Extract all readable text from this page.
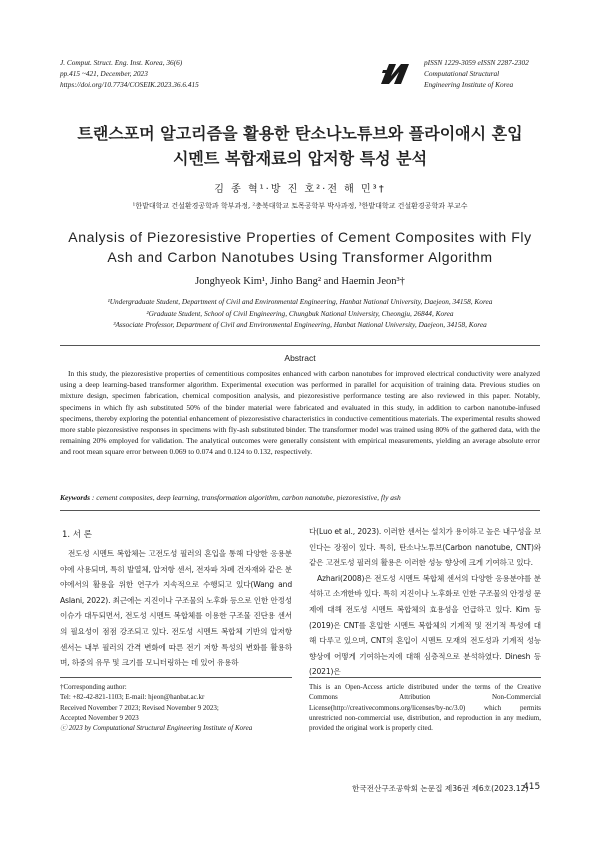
J. Comput. Struct. Eng. Inst. Korea, 36(6)
pp.415 ~421, December, 2023
https://doi.org/10.7734/COSEIK.2023.36.6.415
pISSN 1229-3059 eISSN 2287-2302
Computational Structural
Engineering Institute of Korea
트랜스포머 알고리즘을 활용한 탄소나노튜브와 플라이애시 혼입
시멘트 복합재료의 압저항 특성 분석
김 종 혁¹·방 진 호²·전 해 민³†
¹한밭대학교 건설환경공학과 학부과정, ²충북대학교 토목공학부 박사과정, ³한밭대학교 건설환경공학과 부교수
Analysis of Piezoresistive Properties of Cement Composites with Fly
Ash and Carbon Nanotubes Using Transformer Algorithm
Jonghyeok Kim¹, Jinho Bang² and Haemin Jeon³†
¹Undergraduate Student, Department of Civil and Environmental Engineering, Hanbat National University, Daejeon, 34158, Korea
²Graduate Student, School of Civil Engineering, Chungbuk National University, Cheongju, 26844, Korea
³Associate Professor, Department of Civil and Environmental Engineering, Hanbat National University, Daejeon, 34158, Korea
Abstract
In this study, the piezoresistive properties of cementitious composites enhanced with carbon nanotubes for improved electrical conductivity were analyzed using a deep learning-based transformer algorithm. Experimental execution was performed in parallel for acquisition of training data. Previous studies on mixture design, specimen fabrication, chemical composition analysis, and piezoresistive performance testing are also reviewed in this paper. Notably, specimens in which fly ash substituted 50% of the binder material were fabricated and evaluated in this study, in addition to carbon nanotube-infused specimens, thereby exploring the potential enhancement of piezoresistive characteristics in conductive cementitious materials. The experimental results showed more stable piezoresistive responses in specimens with fly-ash substituted binder. The transformer model was trained using 80% of the gathered data, with the remaining 20% employed for validation. The analytical outcomes were generally consistent with empirical measurements, yielding an average absolute error and root mean square error between 0.069 to 0.074 and 0.124 to 0.132, respectively.
Keywords : cement composites, deep learning, transformation algorithm, carbon nanotube, piezoresistive, fly ash
1. 서 론

전도성 시멘트 복합체는 고전도성 필러의 혼입을 통해 다양한 응용분야에 사용되며, 특히 발열체, 압저항 센서, 전자파 차폐 건자재와 같은 분야에서의 활용을 위한 연구가 지속적으로 수행되고 있다(Wang and Aslani, 2022). 최근에는 지진이나 구조물의 노후화 등으로 인한 안정성 이슈가 대두되면서, 전도성 시멘트 복합체를 이용한 구조물 진단용 센서의 필요성이 점점 강조되고 있다. 전도성 시멘트 복합체 기반의 압저항 센서는 내부 필러의 간격 변화에 따른 전기 저항 특성의 변화를 활용하며, 하중의 유무 및 크기를 모니터링하는 데 있어 유용하

다(Luo et al., 2023). 이러한 센서는 설치가 용이하고 높은 내구성을 보인다는 장점이 있다. 특히, 탄소나노튜브(Carbon nanotube, CNT)와 같은 고전도성 필러의 활용은 이러한 성능 향상에 크게 기여하고 있다.

Azhari(2008)은 전도성 시멘트 복합체 센서의 다양한 응용분야를 분석하고 소개한바 있다. 특히 지진이나 노후화로 인한 구조물의 안정성 문제에 대해 전도성 시멘트 복합체의 효용성을 언급하고 있다. Kim 등(2019)은 CNT를 혼입한 시멘트 복합체의 기계적 및 전기적 특성에 대해 다루고 있으며, CNT의 혼입이 시멘트 모재의 전도성과 기계적 성능 향상에 어떻게 기여하는지에 대해 심층적으로 분석하였다. Dinesh 등(2021)은

†Corresponding author:
Tel: +82-42-821-1103; E-mail: hjeon@hanbat.ac.kr
Received November 7 2023; Revised November 9 2023;
Accepted November 9 2023
ⓒ 2023 by Computational Structural Engineering Institute of Korea
This is an Open-Access article distributed under the terms of the Creative Commons Attribution Non-Commercial License(http://creativecommons.org/licenses/by-nc/3.0) which permits unrestricted non-commercial use, distribution, and reproduction in any medium, provided the original work is properly cited.
한국전산구조공학회 논문집 제36권 제6호(2023.12)
415
